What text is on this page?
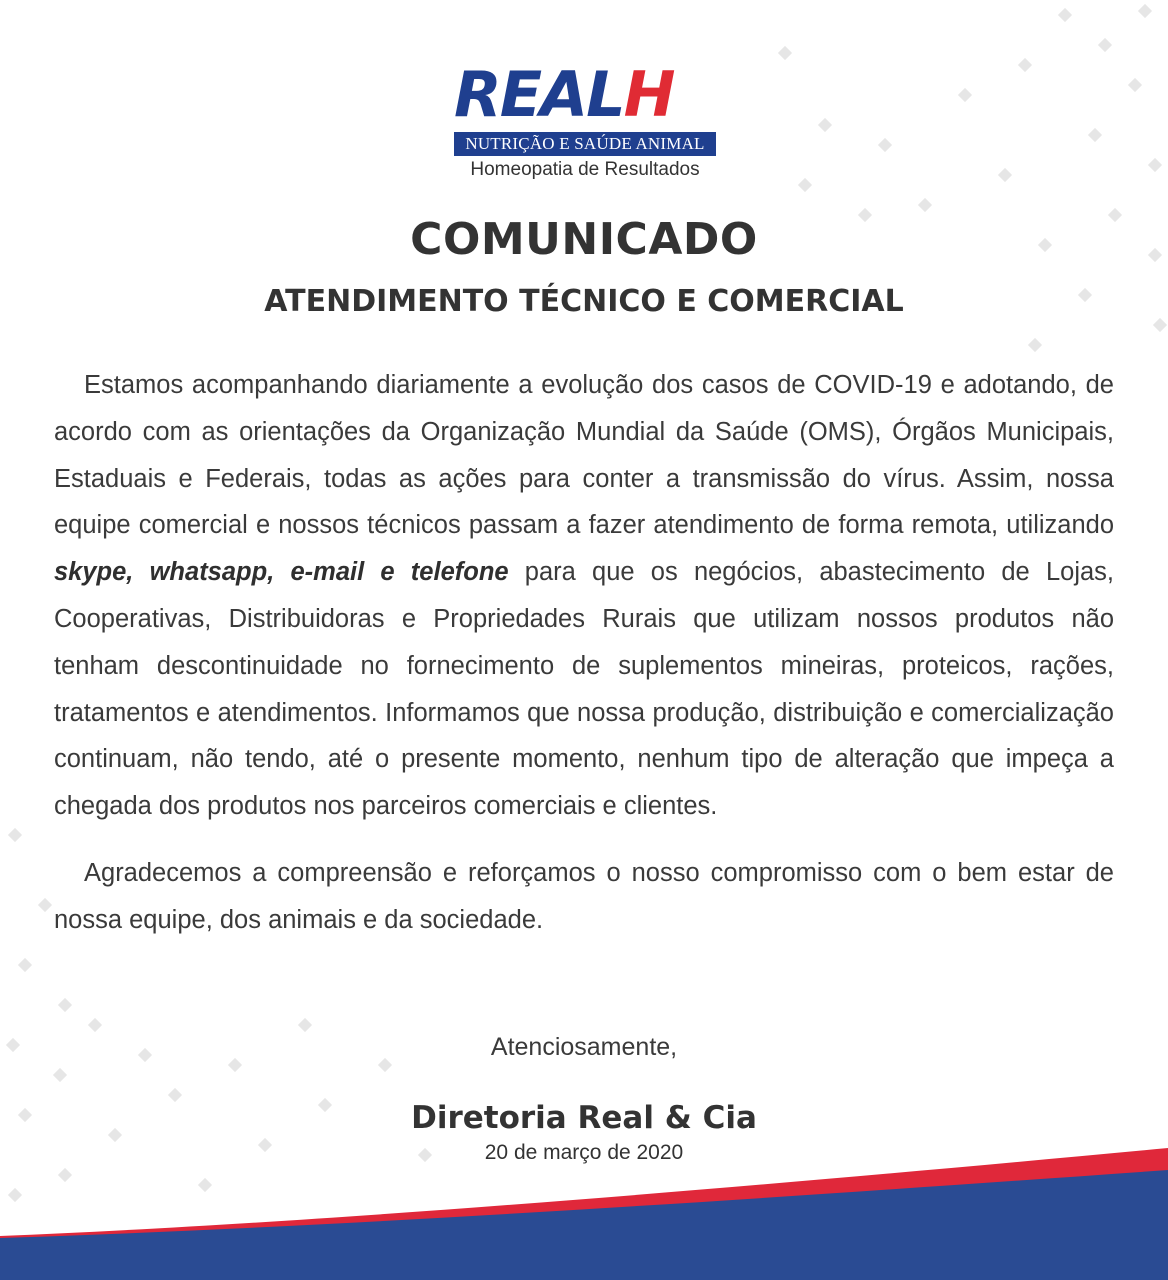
REAL H
NUTRIÇÃO E SAÚDE ANIMAL
Homeopatia de Resultados
COMUNICADO
ATENDIMENTO TÉCNICO E COMERCIAL

Estamos acompanhando diariamente a evolução dos casos de COVID-19 e adotando, de acordo com as orientações da Organização Mundial da Saúde (OMS), Órgãos Municipais, Estaduais e Federais, todas as ações para conter a transmissão do vírus. Assim, nossa equipe comercial e nossos técnicos passam a fazer atendimento de forma remota, utilizando skype, whatsapp, e-mail e telefone para que os negócios, abastecimento de Lojas, Cooperativas, Distribuidoras e Propriedades Rurais que utilizam nossos produtos não tenham descontinuidade no fornecimento de suplementos mineiras, proteicos, rações, tratamentos e atendimentos. Informamos que nossa produção, distribuição e comercialização continuam, não tendo, até o presente momento, nenhum tipo de alteração que impeça a chegada dos produtos nos parceiros comerciais e clientes.

Agradecemos a compreensão e reforçamos o nosso compromisso com o bem estar de nossa equipe, dos animais e da sociedade.

Atenciosamente,
Diretoria Real & Cia
20 de março de 2020
